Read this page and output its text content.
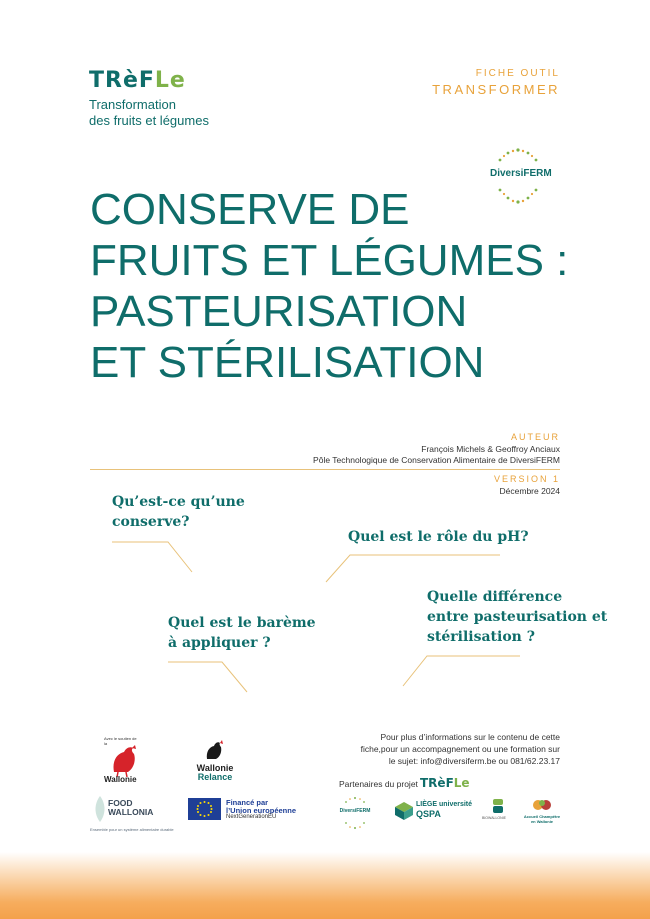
TRèFLe
Transformation
des fruits et légumes
FICHE OUTIL
TRANSFORMER
DiversiFERM
CONSERVE DE
FRUITS ET LÉGUMES :
PASTEURISATION
ET STÉRILISATION
AUTEUR
François Michels & Geoffroy Anciaux
Pôle Technologique de Conservation Alimentaire de DiversiFERM
VERSION 1
Décembre 2024
Qu’est-ce qu’une
conserve?
Quel est le rôle du pH?
Quel est le barème
à appliquer ?
Quelle différence
entre pasteurisation et
stérilisation ?
Pour plus d’informations sur le contenu de cette
fiche,pour un accompagnement ou une formation sur
le sujet: info@diversiferm.be ou 081/62.23.17
Partenaires du projet TRèFLe
Avec le soutien de la
Wallonie
Wallonie
Relance
FOOD
WALLONIA
Ensemble pour un système alimentaire durable
Financé par
l’Union européenne
NextGenerationEU
DiversiFERM
LIÈGE université
QSPA	BIOWALLONIE	Accueil Champêtre
en Wallonie
